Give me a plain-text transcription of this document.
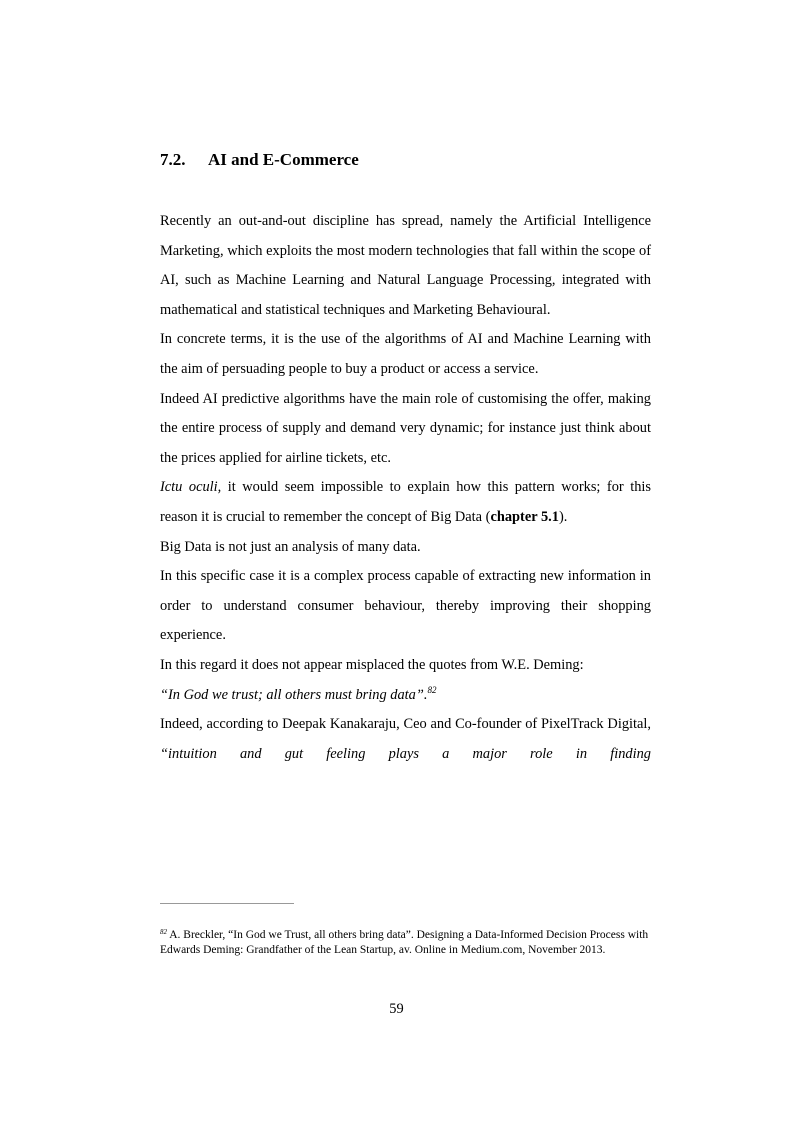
7.2. AI and E-Commerce

Recently an out-and-out discipline has spread, namely the Artificial Intelligence Marketing, which exploits the most modern technologies that fall within the scope of AI, such as Machine Learning and Natural Language Processing, integrated with mathematical and statistical techniques and Marketing Behavioural.

In concrete terms, it is the use of the algorithms of AI and Machine Learning with the aim of persuading people to buy a product or access a service.

Indeed AI predictive algorithms have the main role of customising the offer, making the entire process of supply and demand very dynamic; for instance just think about the prices applied for airline tickets, etc.

Ictu oculi, it would seem impossible to explain how this pattern works; for this reason it is crucial to remember the concept of Big Data (chapter 5.1).

Big Data is not just an analysis of many data.

In this specific case it is a complex process capable of extracting new information in order to understand consumer behaviour, thereby improving their shopping experience.

In this regard it does not appear misplaced the quotes from W.E. Deming:

“In God we trust; all others must bring data”.$^{82}$

Indeed, according to Deepak Kanakaraju, Ceo and Co-founder of PixelTrack Digital, “intuition and gut feeling plays a major role in finding

$^{82}$ A. Breckler, “In God we Trust, all others bring data”. Designing a Data-Informed Decision Process with Edwards Deming: Grandfather of the Lean Startup, av. Online in Medium.com, November 2013.
59
